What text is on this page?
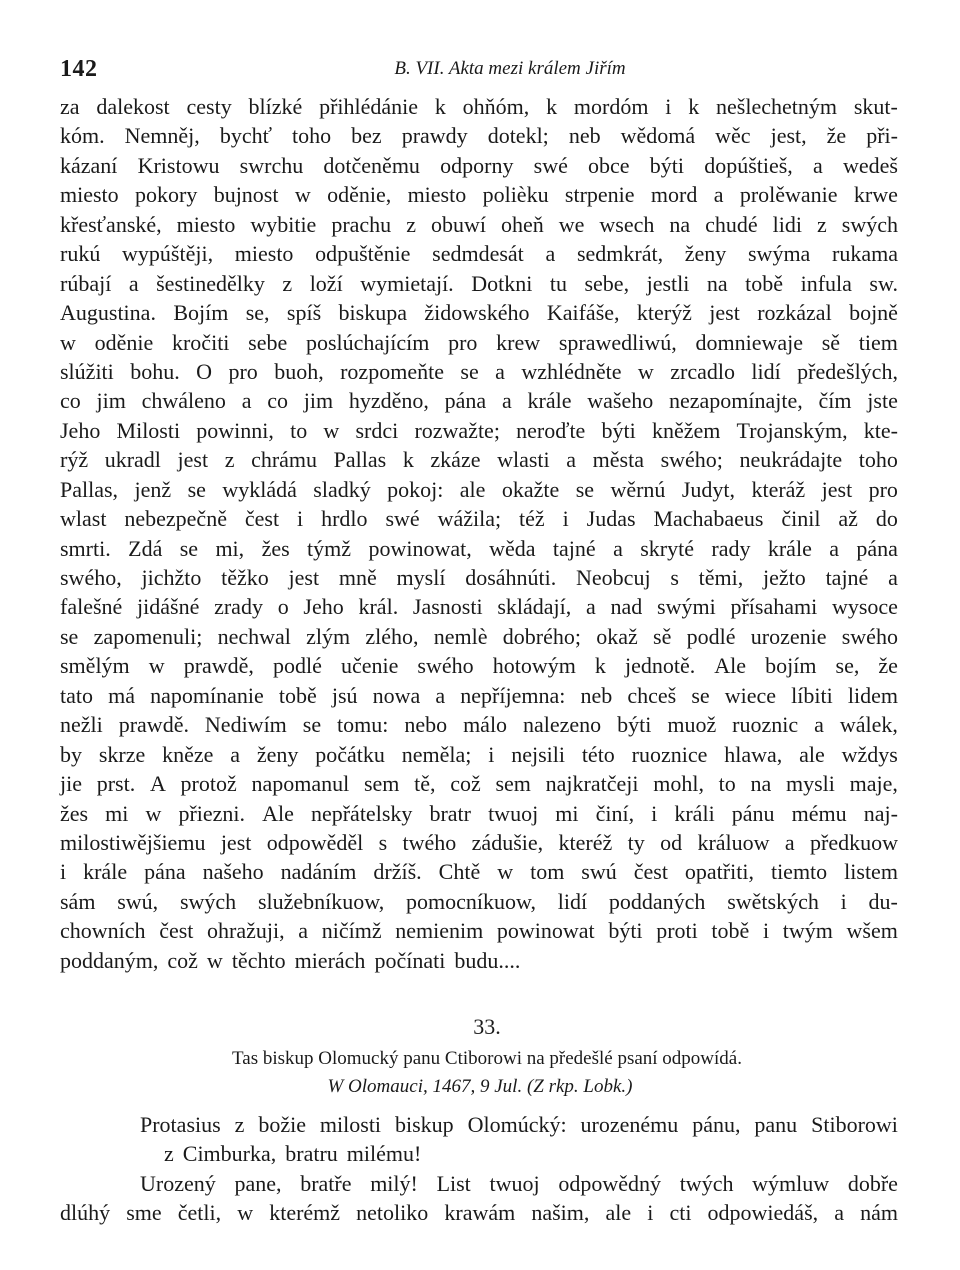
142	B. VII. Akta mezi králem Jiřím
za dalekost cesty blízké přihlédánie k ohňóm, k mordóm i k nešlechetným skut-
kóm. Nemněj, bychť toho bez prawdy dotekl; neb wědomá wěc jest, že při-
kázaní Kristowu swrchu dotčeněmu odporny swé obce býti dopúštieš, a wedeš
miesto pokory bujnost w oděnie, miesto polièku strpenie mord a prolěwanie krwe
křesťanské, miesto wybitie prachu z obuwí oheň we wsech na chudé lidi z swých
rukú wypúštěji, miesto odpuštěnie sedmdesát a sedmkrát, ženy swýma rukama
rúbají a šestinedělky z loží wymietají. Dotkni tu sebe, jestli na tobě infula sw.
Augustina. Bojím se, spíš biskupa židowského Kaifáše, kterýž jest rozkázal bojně
w oděnie kročiti sebe poslúchajícím pro krew sprawedliwú, domniewaje sě tiem
slúžiti bohu. O pro buoh, rozpomeňte se a wzhlédněte w zrcadlo lidí předešlých,
co jim chwáleno a co jim hyzděno, pána a krále wašeho nezapomínajte, čím jste
Jeho Milosti powinni, to w srdci rozwažte; neroďte býti kněžem Trojanským, kte-
rýž ukradl jest z chrámu Pallas k zkáze wlasti a města swého; neukrádajte toho
Pallas, jenž se wykládá sladký pokoj: ale okažte se wěrnú Judyt, kteráž jest pro
wlast nebezpečně čest i hrdlo swé wážila; též i Judas Machabaeus činil až do
smrti. Zdá se mi, žes týmž powinowat, wěda tajné a skryté rady krále a pána
swého, jichžto těžko jest mně myslí dosáhnúti. Neobcuj s těmi, ježto tajné a
falešné jidášné zrady o Jeho král. Jasnosti skládají, a nad swými přísahami wysoce
se zapomenuli; nechwal zlým zlého, nemlè dobrého; okaž sě podlé urozenie swého
smělým w prawdě, podlé učenie swého hotowým k jednotě. Ale bojím se, že
tato má napomínanie tobě jsú nowa a nepříjemna: neb chceš se wiece líbiti lidem
nežli prawdě. Nediwím se tomu: nebo málo nalezeno býti muož ruoznic a wálek,
by skrze kněze a ženy počátku neměla; i nejsili této ruoznice hlawa, ale wždys
jie prst. A protož napomanul sem tě, což sem najkratčeji mohl, to na mysli maje,
žes mi w přiezni. Ale nepřátelsky bratr twuoj mi činí, i králi pánu mému naj-
milostiwějšiemu jest odpowěděl s twého zádušie, kteréž ty od králuow a předkuow
i krále pána našeho nadáním držíš. Chtě w tom swú čest opatřiti, tiemto listem
sám swú, swých služebníkuow, pomocníkuow, lidí poddaných swětských i du-
chowních čest ohražuji, a ničímž nemienim powinowat býti proti tobě i twým wšem
poddaným, což w těchto mierách počínati budu....
33.
Tas biskup Olomucký panu Ctiborowi na předešlé psaní odpowídá.
W Olomauci, 1467, 9 Jul. (Z rkp. Lobk.)
Protasius z božie milosti biskup Olomúcký: urozenému pánu, panu Stiborowi
z Cimburka, bratru milému!
Urozený pane, bratře milý! List twuoj odpowědný twých wýmluw dobře
dlúhý sme četli, w kterémž netoliko krawám našim, ale i cti odpowiedáš, a nám
